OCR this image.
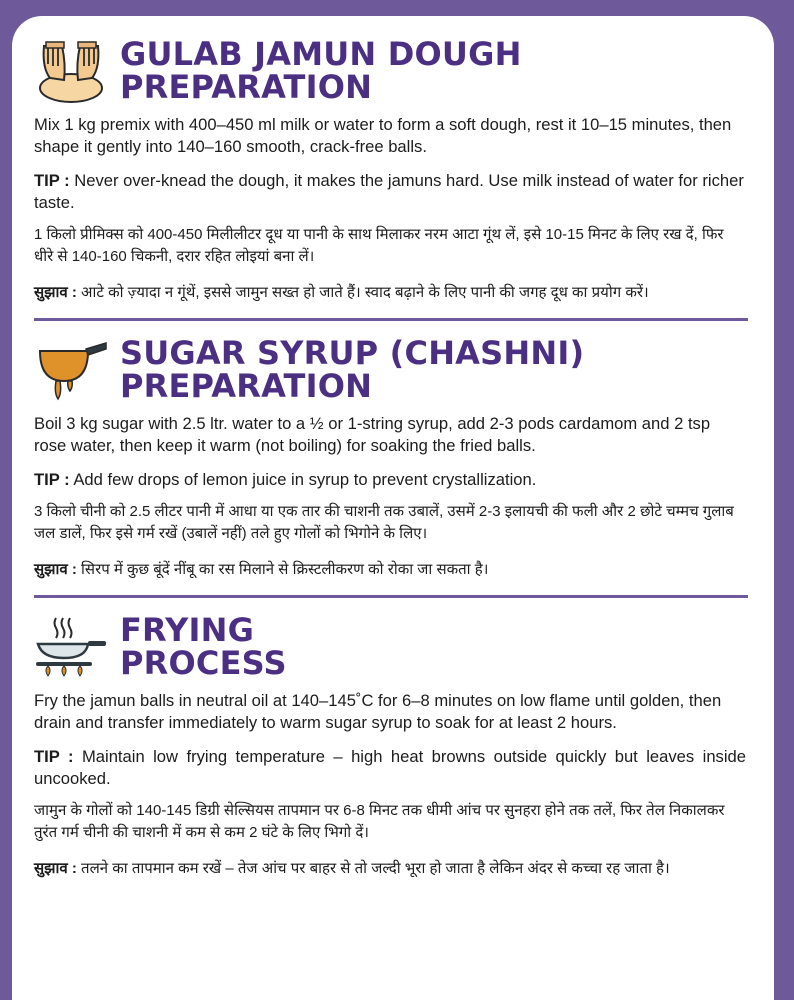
GULAB JAMUN DOUGH
PREPARATION

Mix 1 kg premix with 400–450 ml milk or water to form a soft dough, rest it 10–15 minutes, then shape it gently into 140–160 smooth, crack-free balls.

TIP : Never over-knead the dough, it makes the jamuns hard. Use milk instead of water for richer taste.

1 किलो प्रीमिक्स को 400-450 मिलीलीटर दूध या पानी के साथ मिलाकर नरम आटा गूंथ लें, इसे 10-15 मिनट के लिए रख दें, फिर धीरे से 140-160 चिकनी, दरार रहित लोइयां बना लें।

सुझाव : आटे को ज़्यादा न गूंथें, इससे जामुन सख्त हो जाते हैं। स्वाद बढ़ाने के लिए पानी की जगह दूध का प्रयोग करें।

SUGAR SYRUP (CHASHNI)
PREPARATION

Boil 3 kg sugar with 2.5 ltr. water to a ½ or 1-string syrup, add 2-3 pods cardamom and 2 tsp rose water, then keep it warm (not boiling) for soaking the fried balls.

TIP : Add few drops of lemon juice in syrup to prevent crystallization.

3 किलो चीनी को 2.5 लीटर पानी में आधा या एक तार की चाशनी तक उबालें, उसमें 2-3 इलायची की फली और 2 छोटे चम्मच गुलाब जल डालें, फिर इसे गर्म रखें (उबालें नहीं) तले हुए गोलों को भिगोने के लिए।

सुझाव : सिरप में कुछ बूंदें नींबू का रस मिलाने से क्रिस्टलीकरण को रोका जा सकता है।

FRYING
PROCESS

Fry the jamun balls in neutral oil at 140–145˚C for 6–8 minutes on low flame until golden, then drain and transfer immediately to warm sugar syrup to soak for at least 2 hours.

TIP : Maintain low frying temperature – high heat browns outside quickly but leaves inside uncooked.

जामुन के गोलों को 140-145 डिग्री सेल्सियस तापमान पर 6-8 मिनट तक धीमी आंच पर सुनहरा होने तक तलें, फिर तेल निकालकर तुरंत गर्म चीनी की चाशनी में कम से कम 2 घंटे के लिए भिगो दें।

सुझाव : तलने का तापमान कम रखें – तेज आंच पर बाहर से तो जल्दी भूरा हो जाता है लेकिन अंदर से कच्चा रह जाता है।
